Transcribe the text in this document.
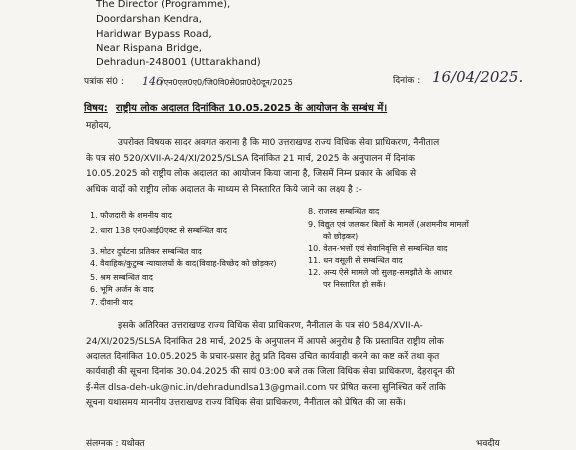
The Director (Programme),
Doordarshan Kendra,
Haridwar Bypass Road,
Near Rispana Bridge,
Dehradun-248001 (Uttarakhand)
पत्रांक सं0 : 146
/एन0एल0ए0/जि0वि0से0प्रा0दे0दून/2025	दिनांक : 16/04/2025.
विषय: राष्ट्रीय लोक अदालत दिनांकित 10.05.2025 के आयोजन के सम्बंध में।
महोदय,
उपरोक्त विषयक सादर अवगत कराना है कि मा0 उत्तराखण्ड राज्य विधिक सेवा प्राधिकरण, नैनीताल
के पत्र सं0 520/XVII-A-24/XI/2025/SLSA दिनांकित 21 मार्च, 2025 के अनुपालन में दिनांक
10.05.2025 को राष्ट्रीय लोक अदालत का आयोजन किया जाना है, जिसमें निम्न प्रकार के अधिक से
अधिक वादों को राष्ट्रीय लोक अदालत के माध्यम से निस्तारित किये जाने का लक्ष्य है :-
1. फौजदारी के शमनीय वाद
2. धारा 138 एन0आई0एक्ट से सम्बन्धित वाद
3. मोटर दुर्घटना प्रतिकर सम्बन्धित वाद
4. वैवाहिक/कुटुम्ब न्यायालयों के वाद(विवाह-विच्छेद को छोड़कर)
5. श्रम सम्बन्धित वाद
6. भूमि अर्जन के वाद
7. दीवानी वाद
8. राजस्व सम्बन्धित वाद
9. विद्युत एवं जलकर बिलों के मामलें (अशमनीय मामलों
को छोड़कर)
10. वेतन-भत्तों एवं सेवानिवृत्ति से सम्बन्धित वाद
11. धन वसूली से सम्बन्धित वाद
12. अन्य ऐसे मामले जो सुलह-समझौते के आधार
पर निस्तारित हो सकें।
इसके अतिरिक्त उत्तराखण्ड राज्य विधिक सेवा प्राधिकरण, नैनीताल के पत्र सं0 584/XVII-A-
24/XI/2025/SLSA दिनांकित 28 मार्च, 2025 के अनुपालन में आपसे अनुरोध है कि प्रस्तावित राष्ट्रीय लोक
अदालत दिनांकित 10.05.2025 के प्रचार-प्रसार हेतु प्रति दिवस उचित कार्यवाही करने का कष्ट करें तथा कृत
कार्यवाही की सूचना दिनांक 30.04.2025 की सायं 03:00 बजे तक जिला विधिक सेवा प्राधिकरण, देहरादून की
ई-मेल dlsa-deh-uk@nic.in/dehradundlsa13@gmail.com पर प्रेषित करना सुनिश्चित करें ताकि
सूचना यथासमय माननीय उत्तराखण्ड राज्य विधिक सेवा प्राधिकरण, नैनीताल को प्रेषित की जा सकें।
संलग्नक : यथोक्त	भवदीय
